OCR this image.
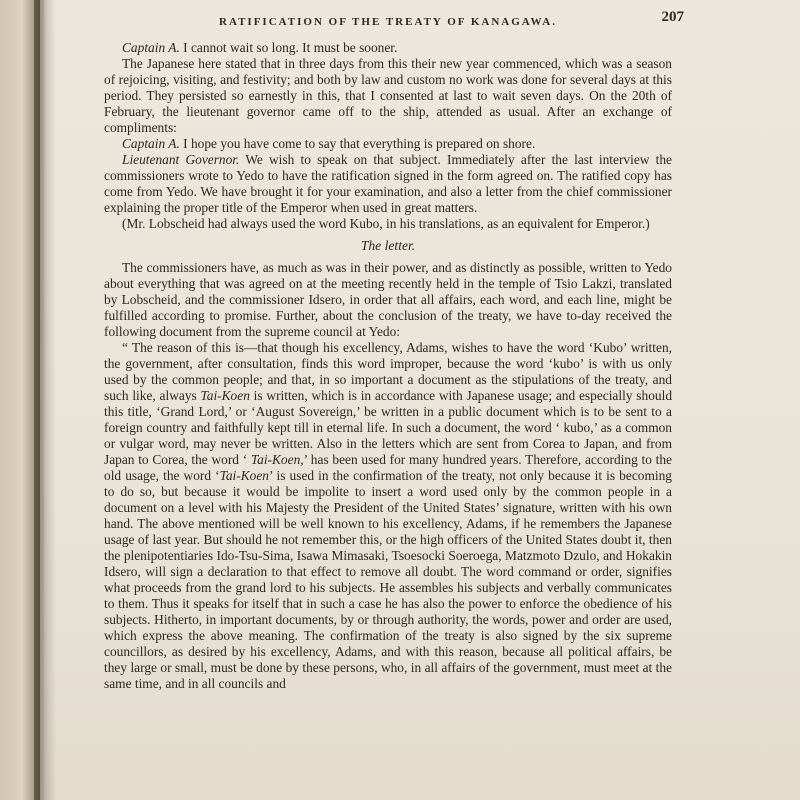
RATIFICATION OF THE TREATY OF KANAGAWA.	207

Captain A. I cannot wait so long. It must be sooner.

The Japanese here stated that in three days from this their new year commenced, which was a season of rejoicing, visiting, and festivity; and both by law and custom no work was done for several days at this period. They persisted so earnestly in this, that I consented at last to wait seven days. On the 20th of February, the lieutenant governor came off to the ship, attended as usual. After an exchange of compliments:

Captain A. I hope you have come to say that everything is prepared on shore.

Lieutenant Governor. We wish to speak on that subject. Immediately after the last interview the commissioners wrote to Yedo to have the ratification signed in the form agreed on. The ratified copy has come from Yedo. We have brought it for your examination, and also a letter from the chief commissioner explaining the proper title of the Emperor when used in great matters.

(Mr. Lobscheid had always used the word Kubo, in his translations, as an equivalent for Emperor.)

The letter.

The commissioners have, as much as was in their power, and as distinctly as possible, written to Yedo about everything that was agreed on at the meeting recently held in the temple of Tsio Lakzi, translated by Lobscheid, and the commissioner Idsero, in order that all affairs, each word, and each line, might be fulfilled according to promise. Further, about the conclusion of the treaty, we have to-day received the following document from the supreme council at Yedo:

“ The reason of this is—that though his excellency, Adams, wishes to have the word ‘Kubo’ written, the government, after consultation, finds this word improper, because the word ‘kubo’ is with us only used by the common people; and that, in so important a document as the stipulations of the treaty, and such like, always Tai-Koen is written, which is in accordance with Japanese usage; and especially should this title, ‘Grand Lord,’ or ‘August Sovereign,’ be written in a public document which is to be sent to a foreign country and faithfully kept till in eternal life. In such a document, the word ‘ kubo,’ as a common or vulgar word, may never be written. Also in the letters which are sent from Corea to Japan, and from Japan to Corea, the word ‘ Tai-Koen,’ has been used for many hundred years. Therefore, according to the old usage, the word ‘Tai-Koen’ is used in the confirmation of the treaty, not only because it is becoming to do so, but because it would be impolite to insert a word used only by the common people in a document on a level with his Majesty the President of the United States’ signature, written with his own hand. The above mentioned will be well known to his excellency, Adams, if he remembers the Japanese usage of last year. But should he not remember this, or the high officers of the United States doubt it, then the plenipotentiaries Ido-Tsu-Sima, Isawa Mimasaki, Tsoesocki Soeroega, Matzmoto Dzulo, and Hokakin Idsero, will sign a declaration to that effect to remove all doubt. The word command or order, signifies what proceeds from the grand lord to his subjects. He assembles his subjects and verbally communicates to them. Thus it speaks for itself that in such a case he has also the power to enforce the obedience of his subjects. Hitherto, in important documents, by or through authority, the words, power and order are used, which express the above meaning. The confirmation of the treaty is also signed by the six supreme councillors, as desired by his excellency, Adams, and with this reason, because all political affairs, be they large or small, must be done by these persons, who, in all affairs of the government, must meet at the same time, and in all councils and
